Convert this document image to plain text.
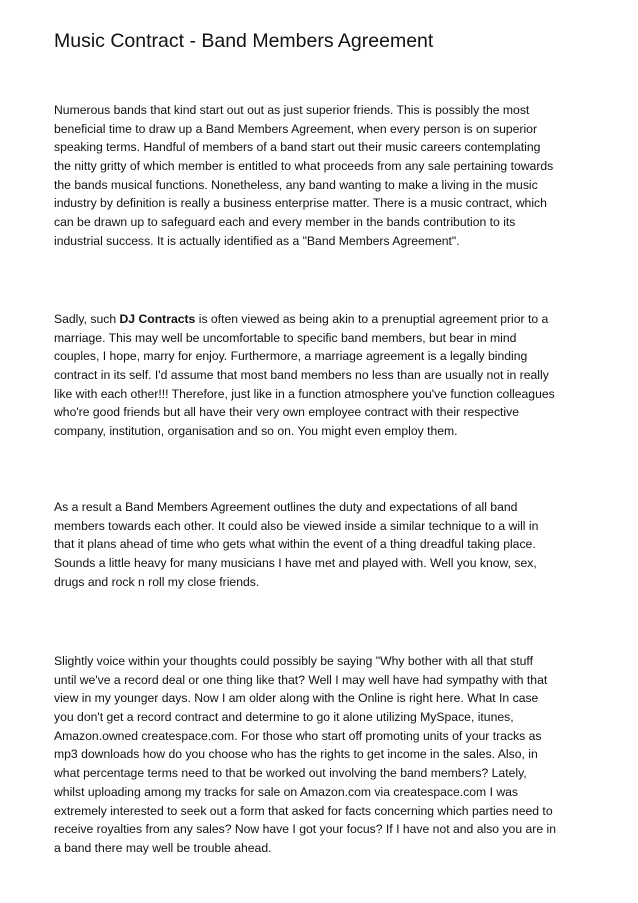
Music Contract - Band Members Agreement

Numerous bands that kind start out out as just superior friends. This is possibly the most
beneficial time to draw up a Band Members Agreement, when every person is on superior
speaking terms. Handful of members of a band start out their music careers contemplating
the nitty gritty of which member is entitled to what proceeds from any sale pertaining towards
the bands musical functions. Nonetheless, any band wanting to make a living in the music
industry by definition is really a business enterprise matter. There is a music contract, which
can be drawn up to safeguard each and every member in the bands contribution to its
industrial success. It is actually identified as a "Band Members Agreement".

Sadly, such DJ Contracts is often viewed as being akin to a prenuptial agreement prior to a
marriage. This may well be uncomfortable to specific band members, but bear in mind
couples, I hope, marry for enjoy. Furthermore, a marriage agreement is a legally binding
contract in its self. I'd assume that most band members no less than are usually not in really
like with each other!!! Therefore, just like in a function atmosphere you've function colleagues
who're good friends but all have their very own employee contract with their respective
company, institution, organisation and so on. You might even employ them.

As a result a Band Members Agreement outlines the duty and expectations of all band
members towards each other. It could also be viewed inside a similar technique to a will in
that it plans ahead of time who gets what within the event of a thing dreadful taking place.
Sounds a little heavy for many musicians I have met and played with. Well you know, sex,
drugs and rock n roll my close friends.

Slightly voice within your thoughts could possibly be saying "Why bother with all that stuff
until we've a record deal or one thing like that? Well I may well have had sympathy with that
view in my younger days. Now I am older along with the Online is right here. What In case
you don't get a record contract and determine to go it alone utilizing MySpace, itunes,
Amazon.owned createspace.com. For those who start off promoting units of your tracks as
mp3 downloads how do you choose who has the rights to get income in the sales. Also, in
what percentage terms need to that be worked out involving the band members? Lately,
whilst uploading among my tracks for sale on Amazon.com via createspace.com I was
extremely interested to seek out a form that asked for facts concerning which parties need to
receive royalties from any sales? Now have I got your focus? If I have not and also you are in
a band there may well be trouble ahead.
